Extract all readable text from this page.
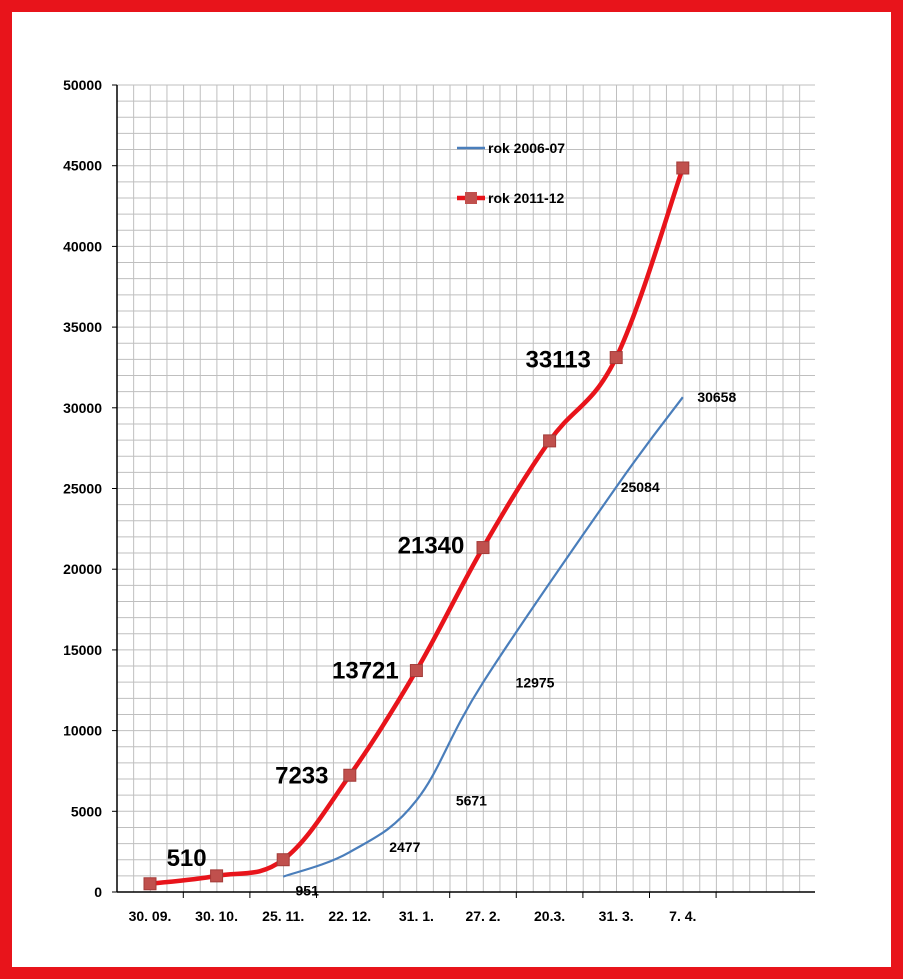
0
5000
10000
15000
20000
25000
30000
35000
40000
45000
50000
30. 09. 30. 10. 25. 11. 22. 12. 31. 1. 27. 2. 20.3. 31. 3.	7. 4.
951
2477
5671
12975
25084
30658
510
7233
13721
21340
33113
rok 2006-07
rok 2011-12
